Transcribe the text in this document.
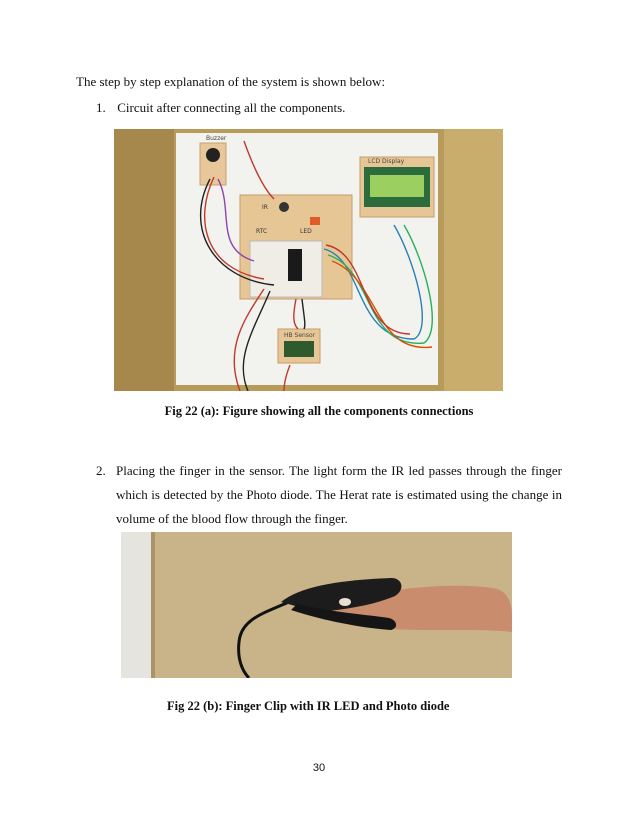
The step by step explanation of the system is shown below:
1. Circuit after connecting all the components.
Buzzer
LED
RTC
IR
LCD Display
HB Sensor
Fig 22 (a): Figure showing all the components connections
2. Placing the finger in the sensor. The light form the IR led passes through the finger which is detected by the Photo diode. The Herat rate is estimated using the change in volume of the blood flow through the finger.
Fig 22 (b): Finger Clip with IR LED and Photo diode
30
